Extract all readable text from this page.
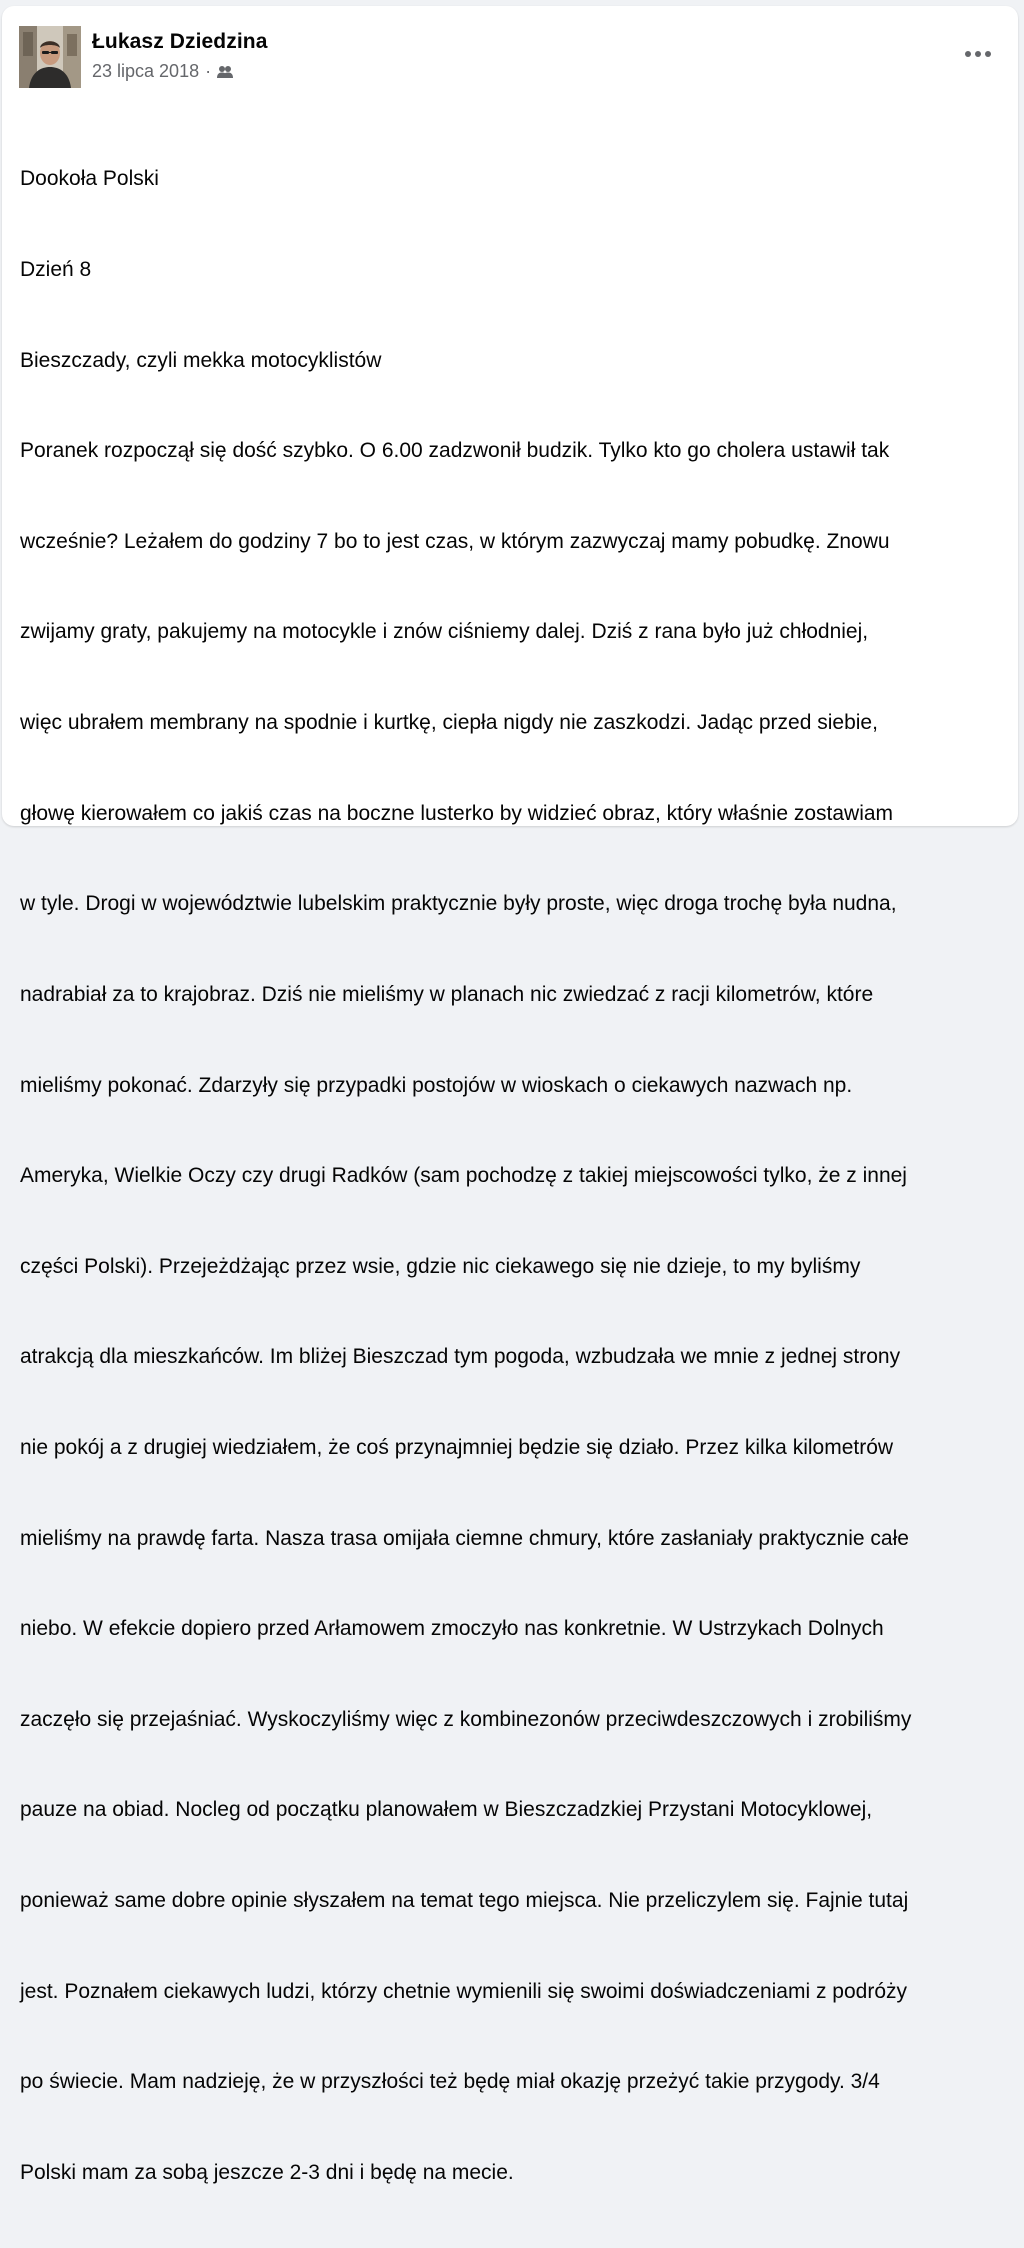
Łukasz Dziedzina
23 lipca 2018 ·

Dookoła Polski

Dzień 8

Bieszczady, czyli mekka motocyklistów

Poranek rozpoczął się dość szybko. O 6.00 zadzwonił budzik. Tylko kto go cholera ustawił tak

wcześnie? Leżałem do godziny 7 bo to jest czas, w którym zazwyczaj mamy pobudkę. Znowu

zwijamy graty, pakujemy na motocykle i znów ciśniemy dalej. Dziś z rana było już chłodniej,

więc ubrałem membrany na spodnie i kurtkę, ciepła nigdy nie zaszkodzi. Jadąc przed siebie,

głowę kierowałem co jakiś czas na boczne lusterko by widzieć obraz, który właśnie zostawiam

w tyle. Drogi w województwie lubelskim praktycznie były proste, więc droga trochę była nudna,

nadrabiał za to krajobraz. Dziś nie mieliśmy w planach nic zwiedzać z racji kilometrów, które

mieliśmy pokonać. Zdarzyły się przypadki postojów w wioskach o ciekawych nazwach np.

Ameryka, Wielkie Oczy czy drugi Radków (sam pochodzę z takiej miejscowości tylko, że z innej

części Polski). Przejeżdżając przez wsie, gdzie nic ciekawego się nie dzieje, to my byliśmy

atrakcją dla mieszkańców. Im bliżej Bieszczad tym pogoda, wzbudzała we mnie z jednej strony

nie pokój a z drugiej wiedziałem, że coś przynajmniej będzie się działo. Przez kilka kilometrów

mieliśmy na prawdę farta. Nasza trasa omijała ciemne chmury, które zasłaniały praktycznie całe

niebo. W efekcie dopiero przed Arłamowem zmoczyło nas konkretnie. W Ustrzykach Dolnych

zaczęło się przejaśniać. Wyskoczyliśmy więc z kombinezonów przeciwdeszczowych i zrobiliśmy

pauze na obiad. Nocleg od początku planowałem w Bieszczadzkiej Przystani Motocyklowej,

ponieważ same dobre opinie słyszałem na temat tego miejsca. Nie przeliczylem się. Fajnie tutaj

jest. Poznałem ciekawych ludzi, którzy chetnie wymienili się swoimi doświadczeniami z podróży

po świecie. Mam nadzieję, że w przyszłości też będę miał okazję przeżyć takie przygody. 3/4

Polski mam za sobą jeszcze 2-3 dni i będę na mecie.
